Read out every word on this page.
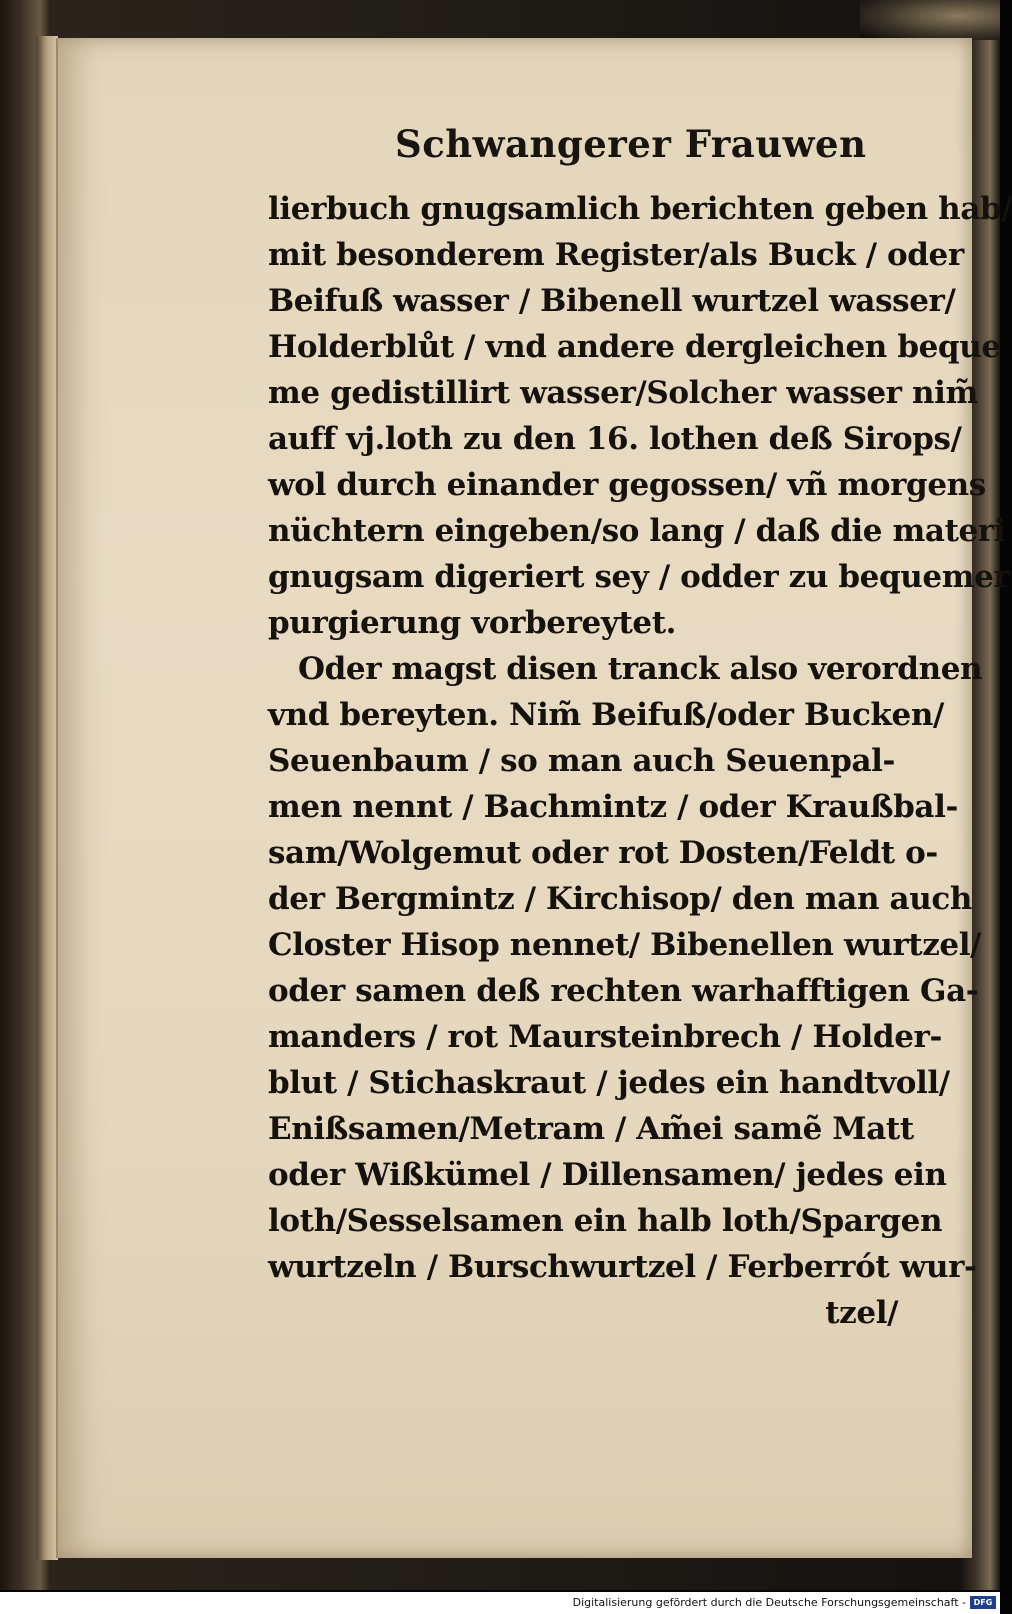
Schwangerer Frauwen
lierbuch gnugsamlich berichten geben hab/
mit besonderem Register/als Buck / oder
Beifuß wasser / Bibenell wurtzel wasser/
Holderblůt / vnd andere dergleichen beque
me gedistillirt wasser/Solcher wasser nim̃
auff vj.loth zu den 16. lothen deß Sirops/
wol durch einander gegossen/ vñ morgens
nüchtern eingeben/so lang / daß die materi
gnugsam digeriert sey / odder zu bequemer
purgierung vorbereytet.
Oder magst disen tranck also verordnen
vnd bereyten. Nim̃ Beifuß/oder Bucken/
Seuenbaum / so man auch Seuenpal-
men nennt / Bachmintz / oder Kraußbal-
sam/Wolgemut oder rot Dosten/Feldt o-
der Bergmintz / Kirchisop/ den man auch
Closter Hisop nennet/ Bibenellen wurtzel/
oder samen deß rechten warhafftigen Ga-
manders / rot Maursteinbrech / Holder-
blut / Stichaskraut / jedes ein handtvoll/
Enißsamen/Metram / Am̃ei samẽ Matt
oder Wißkümel / Dillensamen/ jedes ein
loth/Sesselsamen ein halb loth/Spargen
wurtzeln / Burschwurtzel / Ferberrót wur-
tzel/
Digitalisierung gefördert durch die Deutsche Forschungsgemeinschaft - DFG
